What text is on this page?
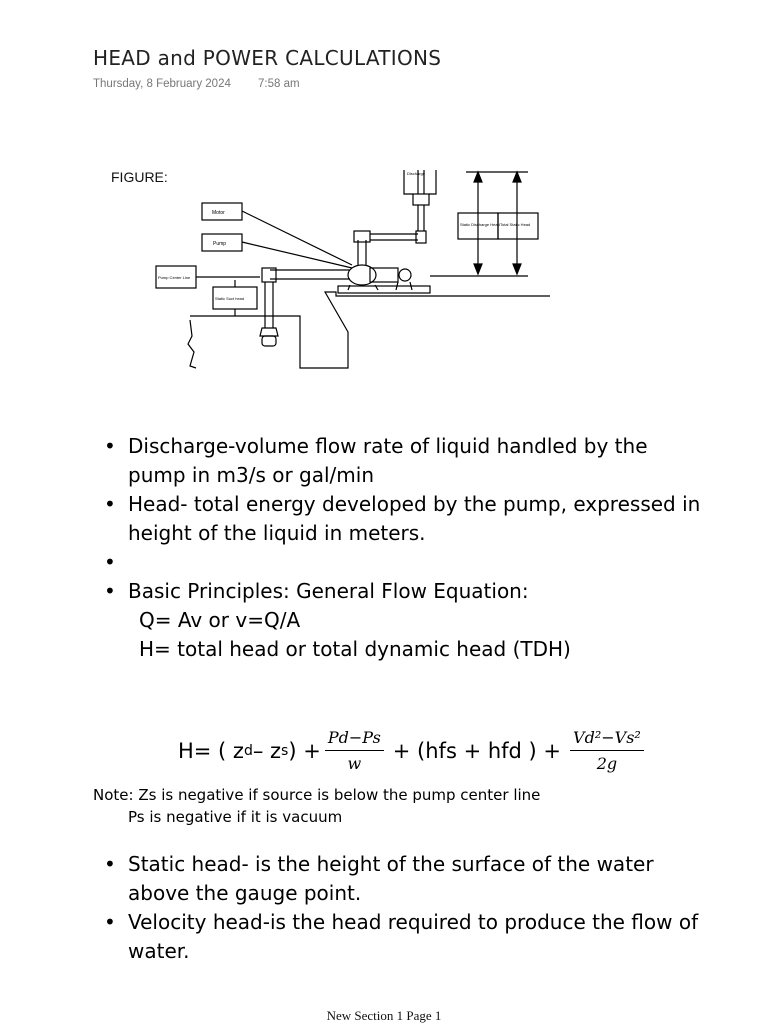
HEAD and POWER CALCULATIONS
Thursday, 8 February 2024 7:58 am
FIGURE:
Motor
Pump
Pump Center Line
Static Suct head
Static Discharge Head Total Static Head
Discharge
• Discharge-volume flow rate of liquid handled by the pump in m3/s or gal/min
• Head- total energy developed by the pump, expressed in height of the liquid in meters.
•
• Basic Principles: General Flow Equation:
Q= Av or v=Q/A
H= total head or total dynamic head (TDH)
H= ( z d – z s ) + $\frac{Pd-Ps}{w} + (hfs$ + hfd ) + $\frac{\text{Vd²−Vs²}}{2g}$
Note: Zs is negative if source is below the pump center line
Ps is negative if it is vacuum
• Static head- is the height of the surface of the water above the gauge point.
• Velocity head-is the head required to produce the flow of water.
New Section 1 Page 1
